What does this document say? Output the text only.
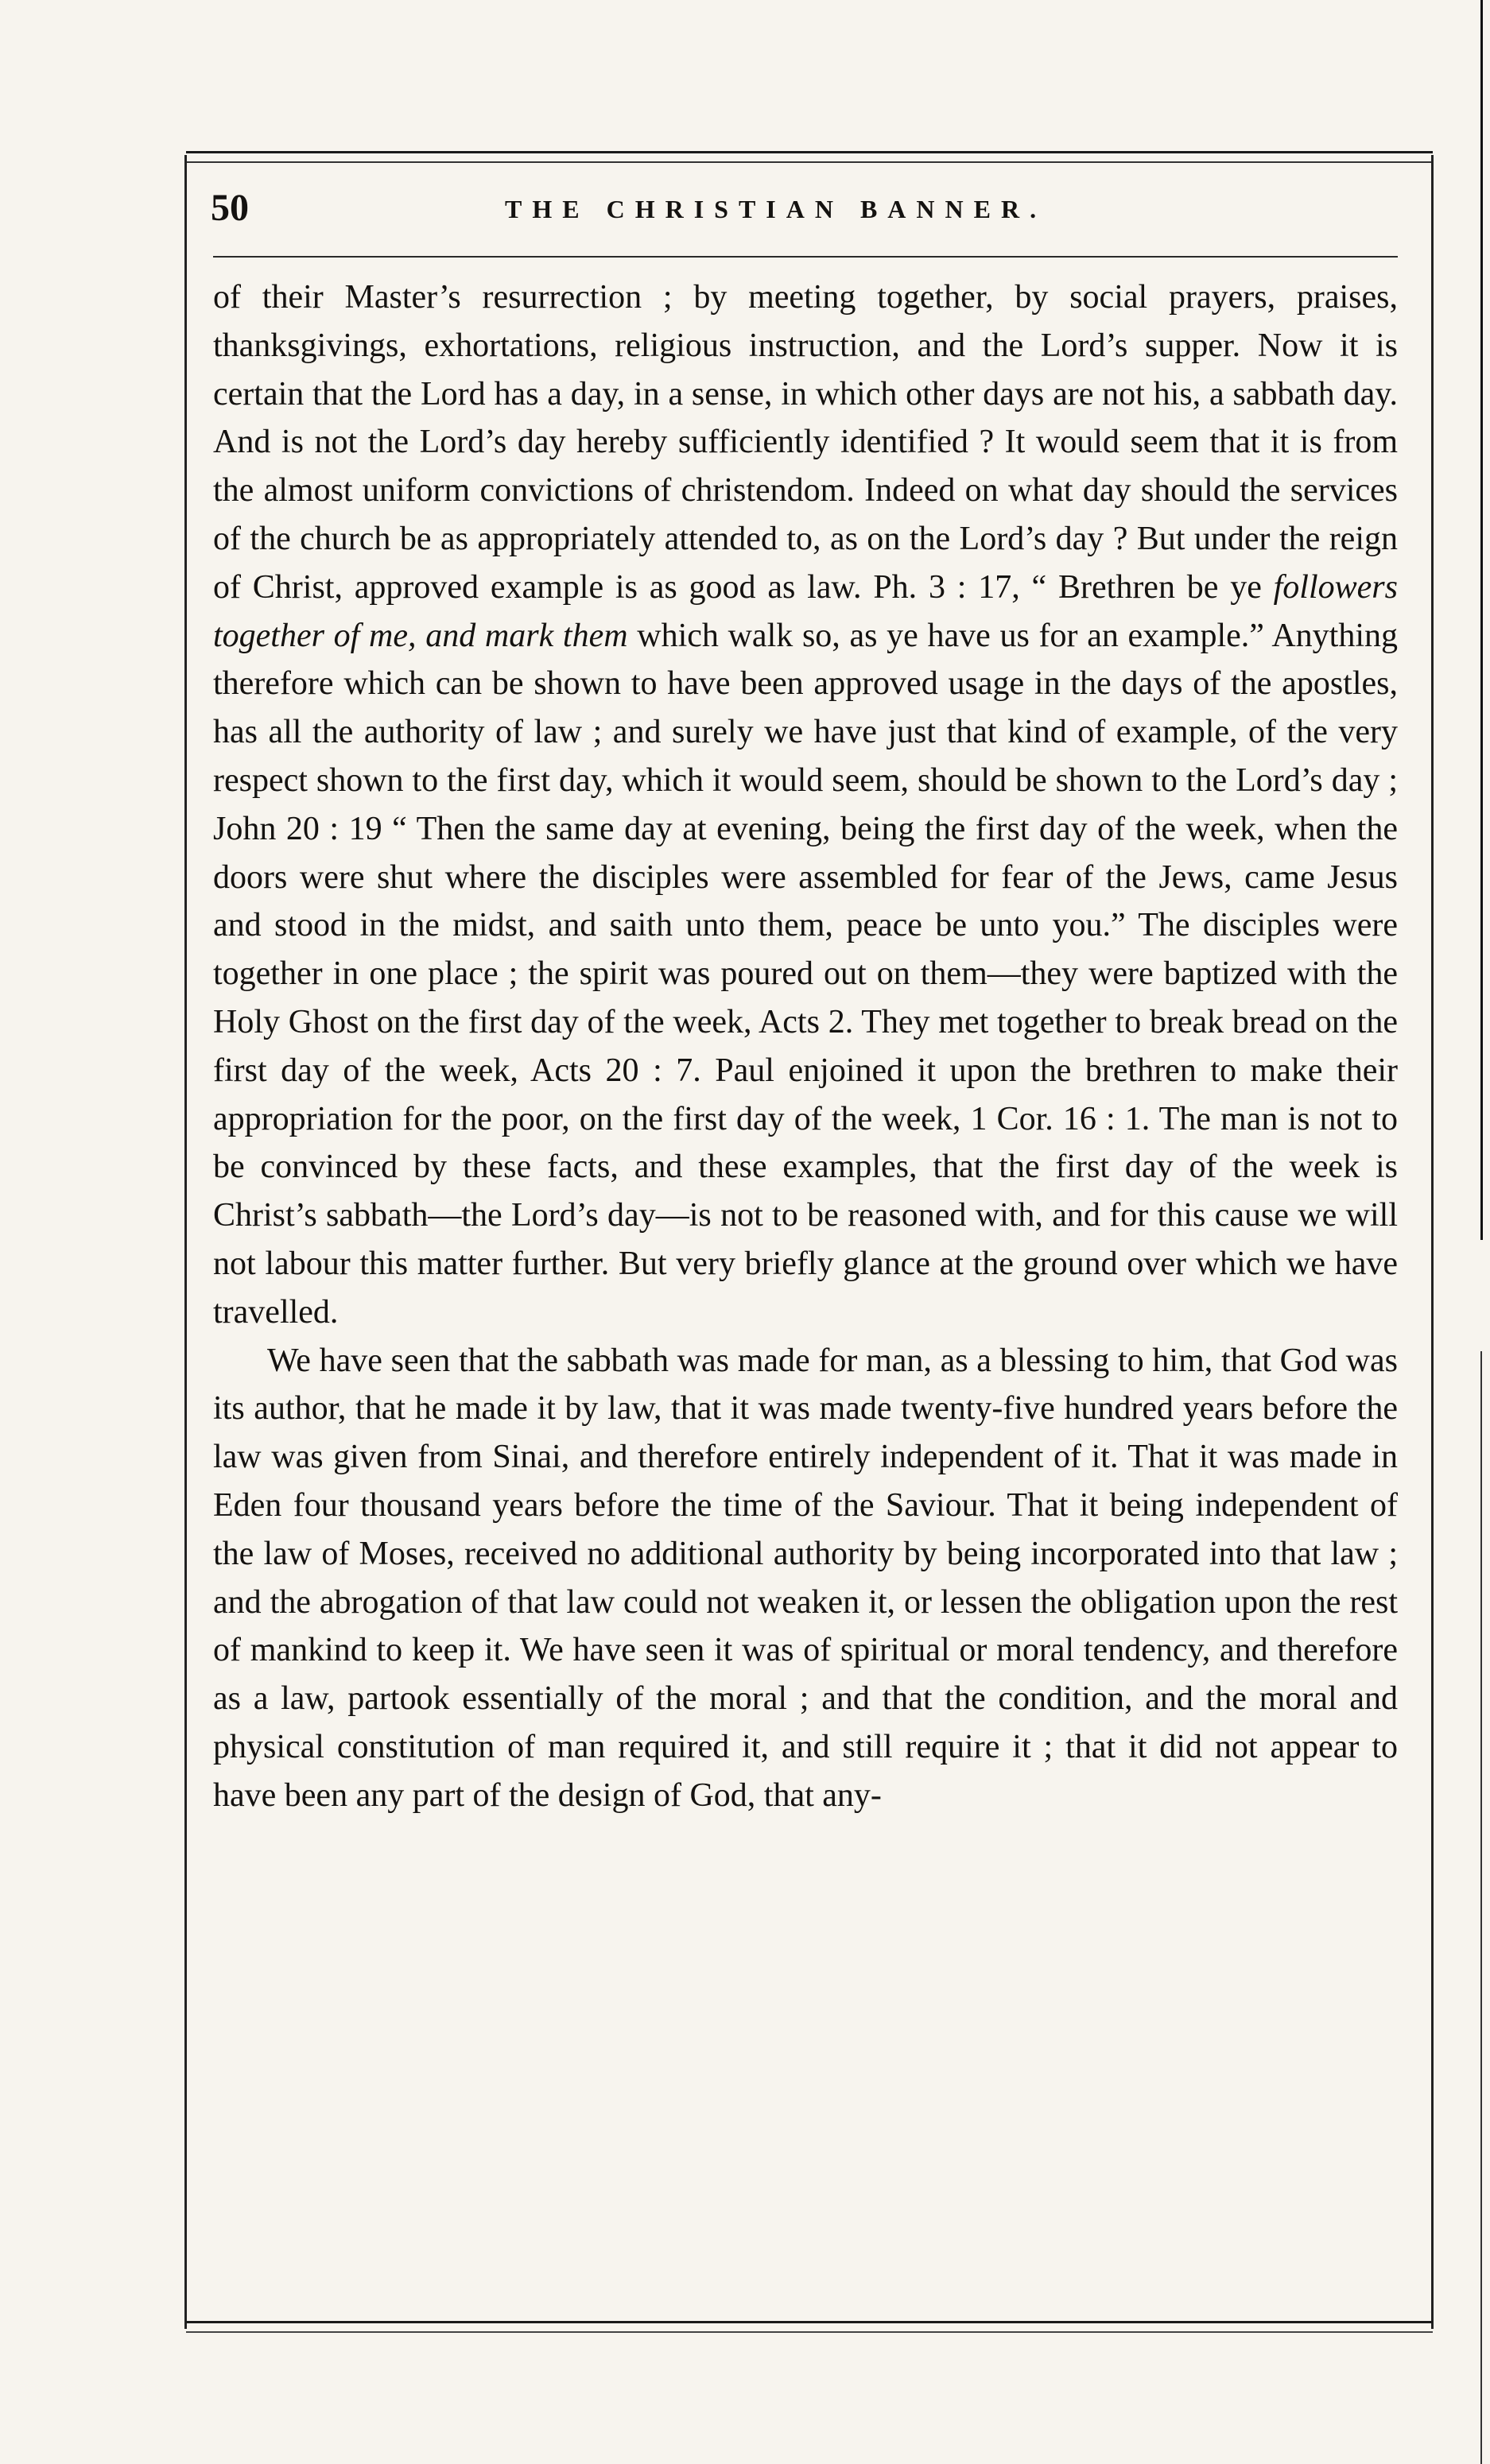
50	THE CHRISTIAN BANNER.

of their Master’s resurrection ; by meeting together, by social prayers, praises, thanksgivings, exhortations, religious instruction, and the Lord’s supper. Now it is certain that the Lord has a day, in a sense, in which other days are not his, a sabbath day. And is not the Lord’s day hereby sufficiently identified ? It would seem that it is from the almost uniform convictions of christendom. Indeed on what day should the services of the church be as appropriately attended to, as on the Lord’s day ? But under the reign of Christ, approved example is as good as law. Ph. 3 : 17, “ Brethren be ye followers together of me, and mark them which walk so, as ye have us for an example.” Anything therefore which can be shown to have been approved usage in the days of the apostles, has all the authority of law ; and surely we have just that kind of example, of the very respect shown to the first day, which it would seem, should be shown to the Lord’s day ; John 20 : 19 “ Then the same day at evening, being the first day of the week, when the doors were shut where the disciples were assembled for fear of the Jews, came Jesus and stood in the midst, and saith unto them, peace be unto you.” The disciples were together in one place ; the spirit was poured out on them—they were baptized with the Holy Ghost on the first day of the week, Acts 2. They met together to break bread on the first day of the week, Acts 20 : 7. Paul enjoined it upon the brethren to make their appropriation for the poor, on the first day of the week, 1 Cor. 16 : 1. The man is not to be convinced by these facts, and these examples, that the first day of the week is Christ’s sabbath—the Lord’s day—is not to be reasoned with, and for this cause we will not labour this matter further. But very briefly glance at the ground over which we have travelled.

We have seen that the sabbath was made for man, as a blessing to him, that God was its author, that he made it by law, that it was made twenty-five hundred years before the law was given from Sinai, and therefore entirely independent of it. That it was made in Eden four thousand years before the time of the Saviour. That it being independent of the law of Moses, received no additional authority by being incorporated into that law ; and the abrogation of that law could not weaken it, or lessen the obligation upon the rest of mankind to keep it. We have seen it was of spiritual or moral tendency, and therefore as a law, partook essentially of the moral ; and that the condition, and the moral and physical constitution of man required it, and still require it ; that it did not appear to have been any part of the design of God, that any-
